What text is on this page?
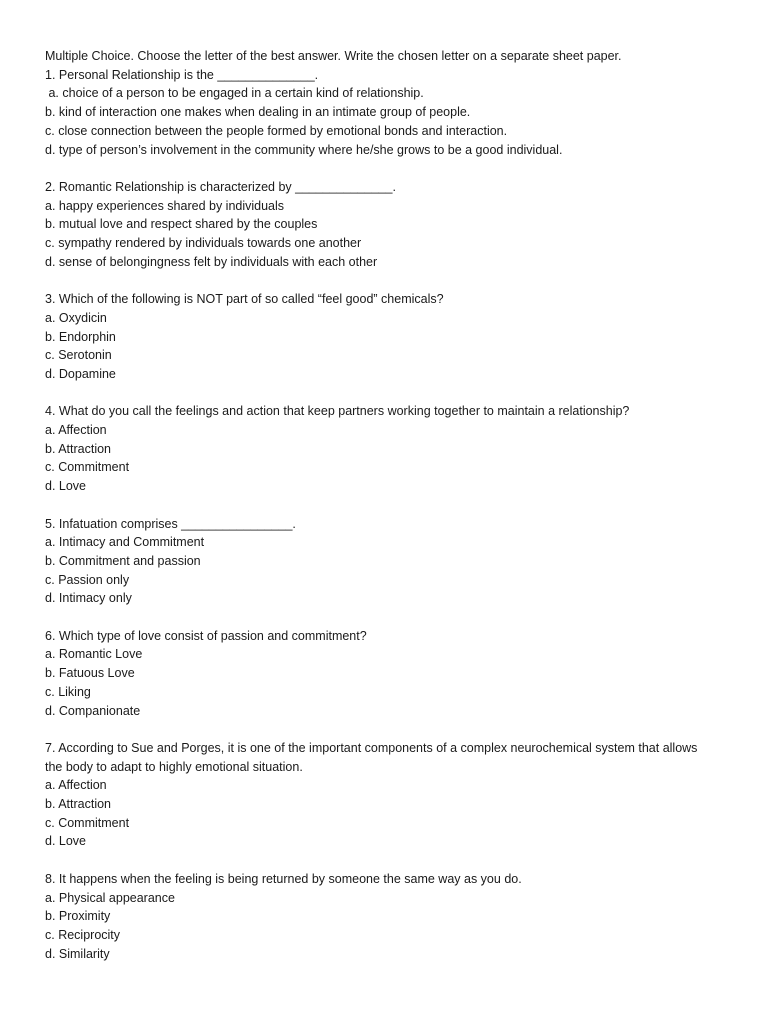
Multiple Choice. Choose the letter of the best answer. Write the chosen letter on a separate sheet paper.

1. Personal Relationship is the ______________.

a. choice of a person to be engaged in a certain kind of relationship.

b. kind of interaction one makes when dealing in an intimate group of people.

c. close connection between the people formed by emotional bonds and interaction.

d. type of person’s involvement in the community where he/she grows to be a good individual.

2. Romantic Relationship is characterized by ______________.

a. happy experiences shared by individuals

b. mutual love and respect shared by the couples

c. sympathy rendered by individuals towards one another

d. sense of belongingness felt by individuals with each other

3. Which of the following is NOT part of so called “feel good” chemicals?

a. Oxydicin

b. Endorphin

c. Serotonin

d. Dopamine

4. What do you call the feelings and action that keep partners working together to maintain a relationship?

a. Affection

b. Attraction

c. Commitment

d. Love

5. Infatuation comprises ________________.

a. Intimacy and Commitment

b. Commitment and passion

c. Passion only

d. Intimacy only

6. Which type of love consist of passion and commitment?

a. Romantic Love

b. Fatuous Love

c. Liking

d. Companionate

7. According to Sue and Porges, it is one of the important components of a complex neurochemical system that allows

the body to adapt to highly emotional situation.

a. Affection

b. Attraction

c. Commitment

d. Love

8. It happens when the feeling is being returned by someone the same way as you do.

a. Physical appearance

b. Proximity

c. Reciprocity

d. Similarity
